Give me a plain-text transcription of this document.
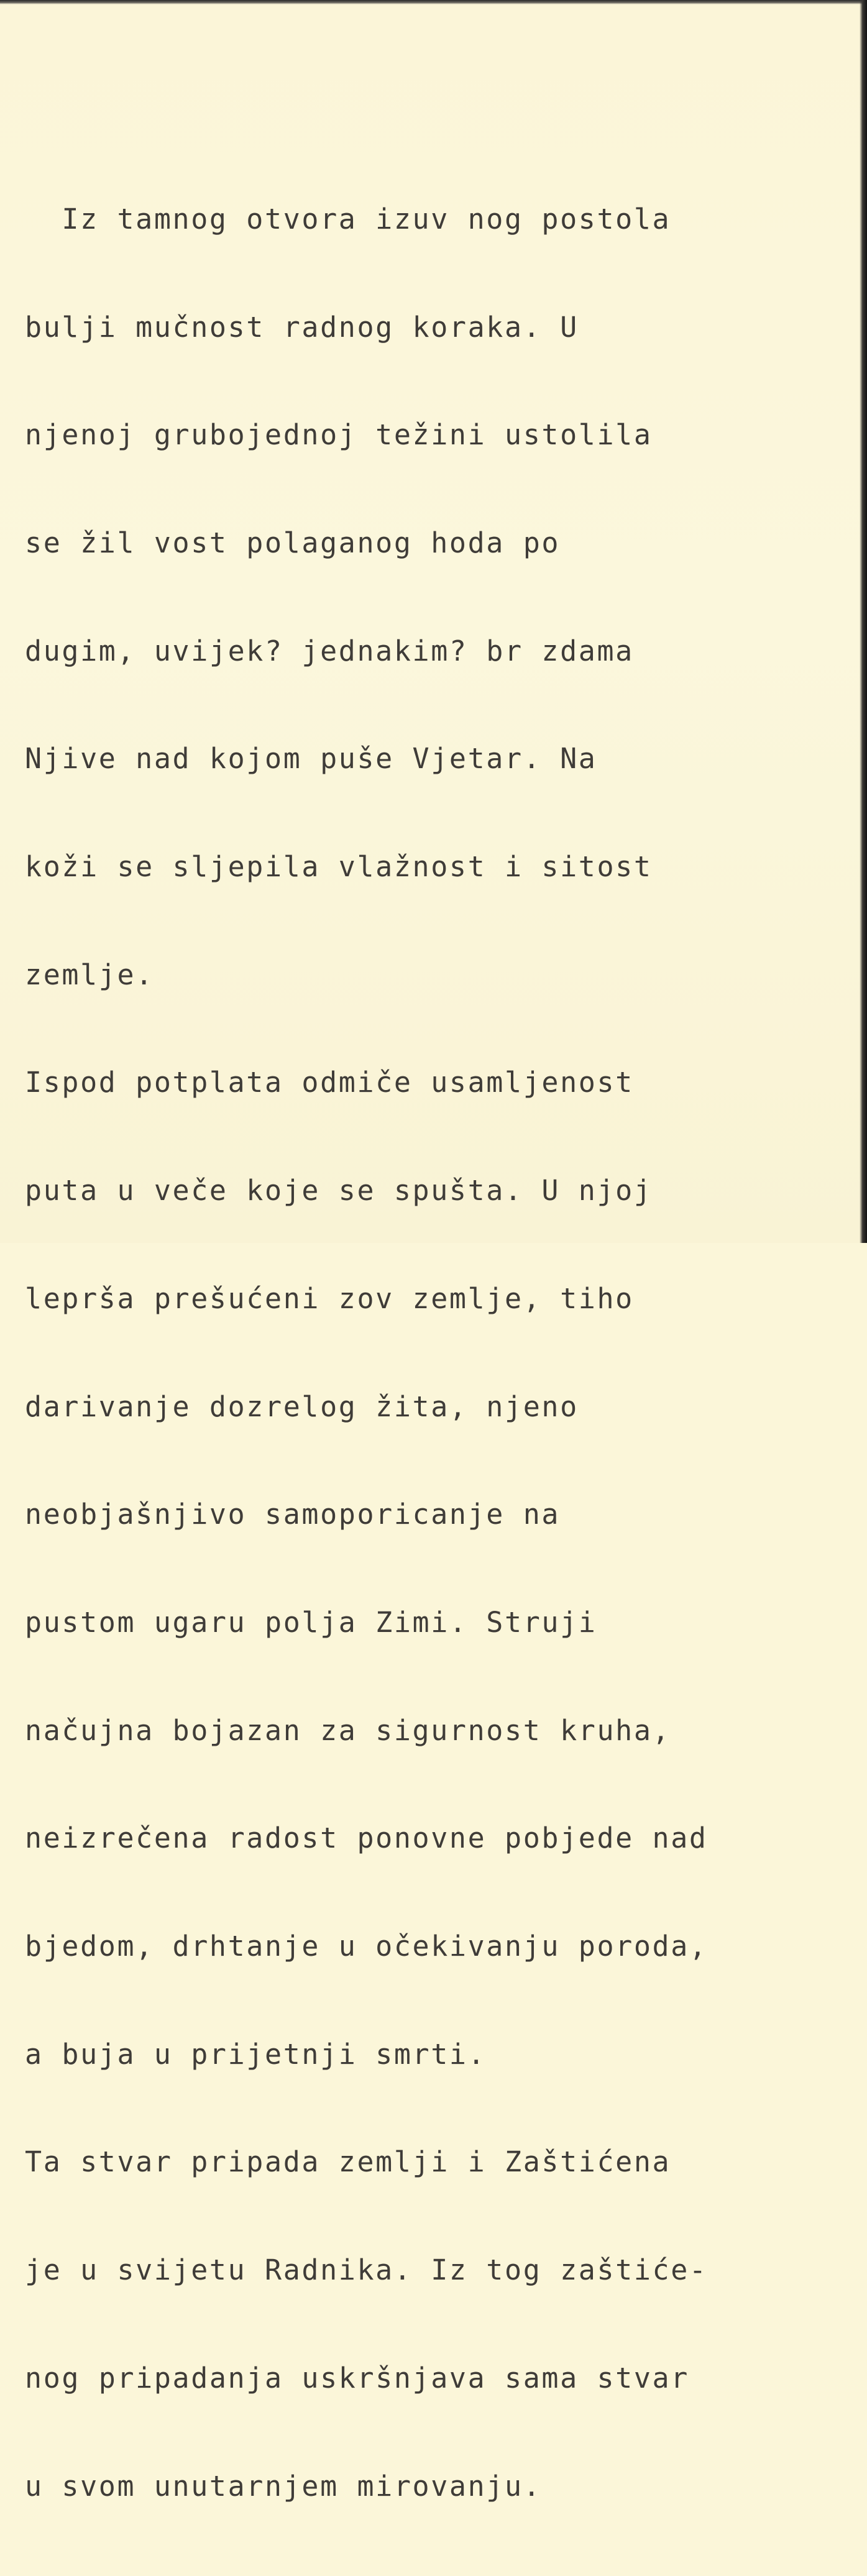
Iz tamnog otvora izuv nog postola

bulji mučnost radnog koraka. U

njenoj grubojednoj težini ustolila

se žil vost polaganog hoda po

dugim, uvijek? jednakim? br zdama

Njive nad kojom puše Vjetar. Na

koži se sljepila vlažnost i sitost

zemlje.

Ispod potplata odmiče usamljenost

puta u veče koje se spušta. U njoj

leprša prešućeni zov zemlje, tiho

darivanje dozrelog žita, njeno

neobjašnjivo samoporicanje na

pustom ugaru polja Zimi. Struji

načujna bojazan za sigurnost kruha,

neizrečena radost ponovne pobjede nad

bjedom, drhtanje u očekivanju poroda,

a buja u prijetnji smrti.

Ta stvar pripada zemlji i Zaštićena

je u svijetu Radnika. Iz tog zaštiće-

nog pripadanja uskršnjava sama stvar

u svom unutarnjem mirovanju.
